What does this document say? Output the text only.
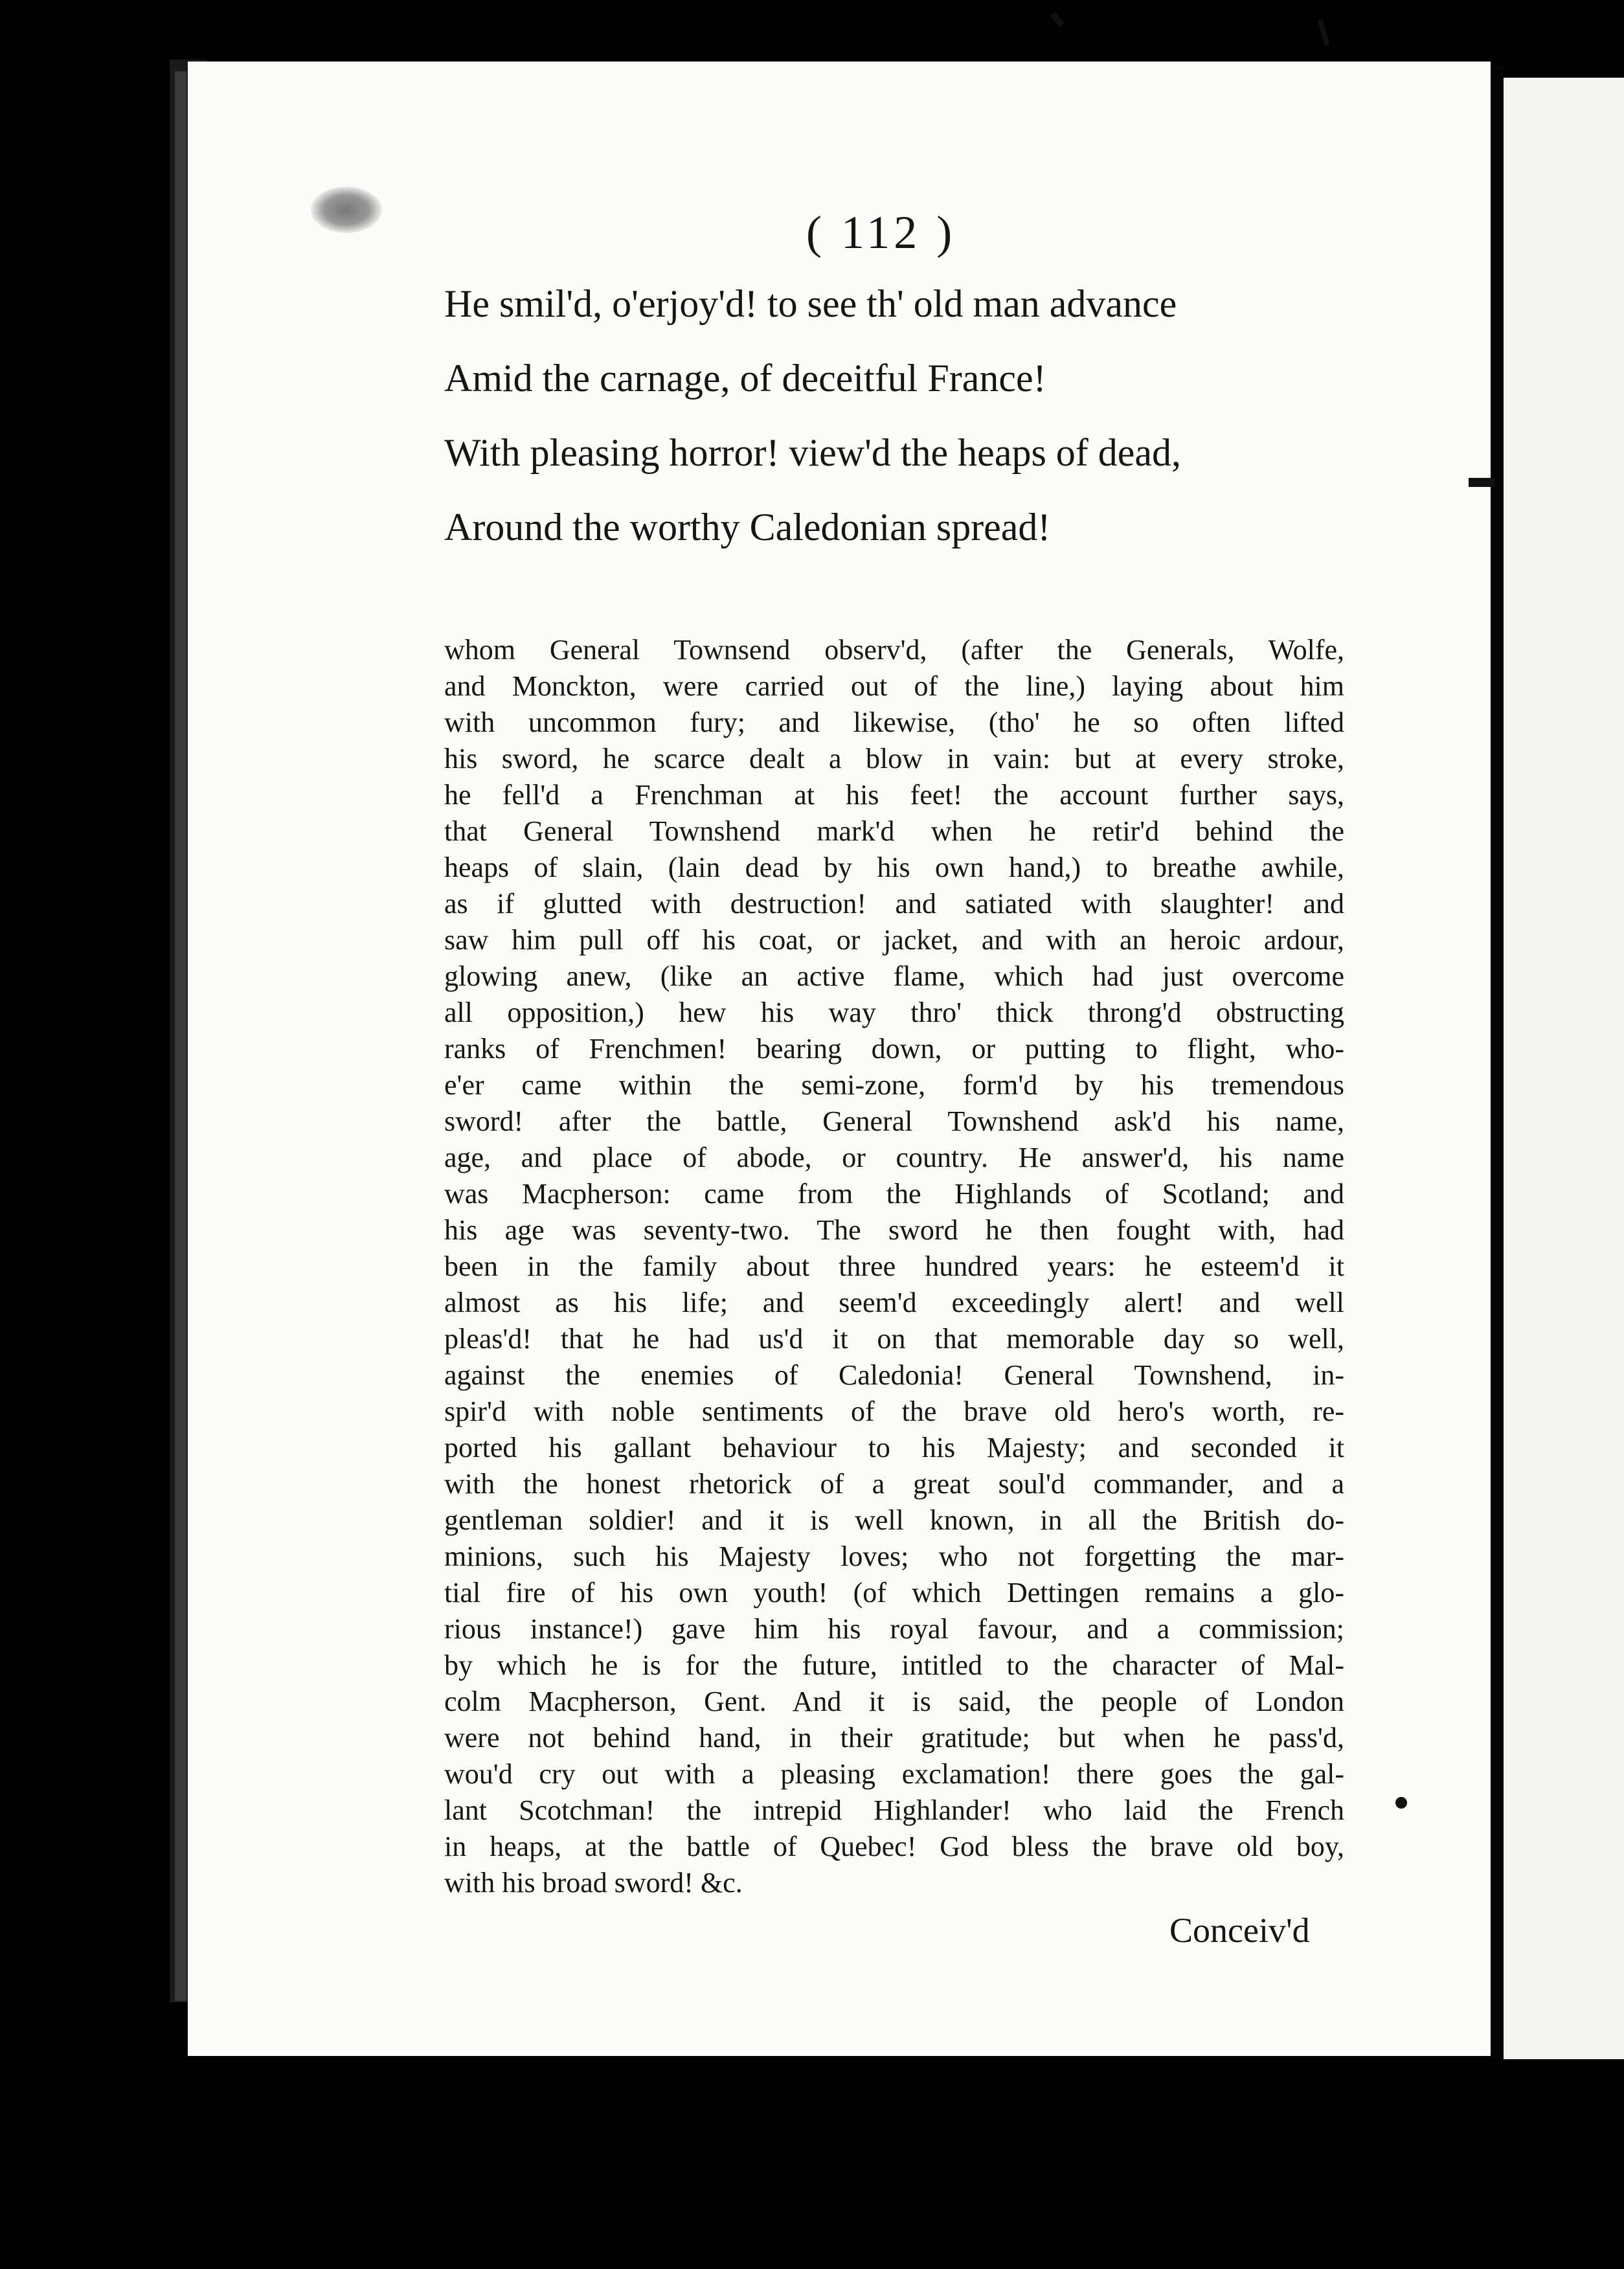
( 112 )
He smil'd, o'erjoy'd! to see th' old man advance
Amid the carnage, of deceitful France!
With pleasing horror! view'd the heaps of dead,
Around the worthy Caledonian spread!
whom General Townsend observ'd, (after the Generals, Wolfe,
and Monckton, were carried out of the line,) laying about him
with uncommon fury; and likewise, (tho' he so often lifted
his sword, he scarce dealt a blow in vain: but at every stroke,
he fell'd a Frenchman at his feet! the account further says,
that General Townshend mark'd when he retir'd behind the
heaps of slain, (lain dead by his own hand,) to breathe awhile,
as if glutted with destruction! and satiated with slaughter! and
saw him pull off his coat, or jacket, and with an heroic ardour,
glowing anew, (like an active flame, which had just overcome
all opposition,) hew his way thro' thick throng'd obstructing
ranks of Frenchmen! bearing down, or putting to flight, who-
e'er came within the semi-zone, form'd by his tremendous
sword! after the battle, General Townshend ask'd his name,
age, and place of abode, or country. He answer'd, his name
was Macpherson: came from the Highlands of Scotland; and
his age was seventy-two. The sword he then fought with, had
been in the family about three hundred years: he esteem'd it
almost as his life; and seem'd exceedingly alert! and well
pleas'd! that he had us'd it on that memorable day so well,
against the enemies of Caledonia! General Townshend, in-
spir'd with noble sentiments of the brave old hero's worth, re-
ported his gallant behaviour to his Majesty; and seconded it
with the honest rhetorick of a great soul'd commander, and a
gentleman soldier! and it is well known, in all the British do-
minions, such his Majesty loves; who not forgetting the mar-
tial fire of his own youth! (of which Dettingen remains a glo-
rious instance!) gave him his royal favour, and a commission;
by which he is for the future, intitled to the character of Mal-
colm Macpherson, Gent. And it is said, the people of London
were not behind hand, in their gratitude; but when he pass'd,
wou'd cry out with a pleasing exclamation! there goes the gal-
lant Scotchman! the intrepid Highlander! who laid the French
in heaps, at the battle of Quebec! God bless the brave old boy,
with his broad sword! &c.
Conceiv'd
